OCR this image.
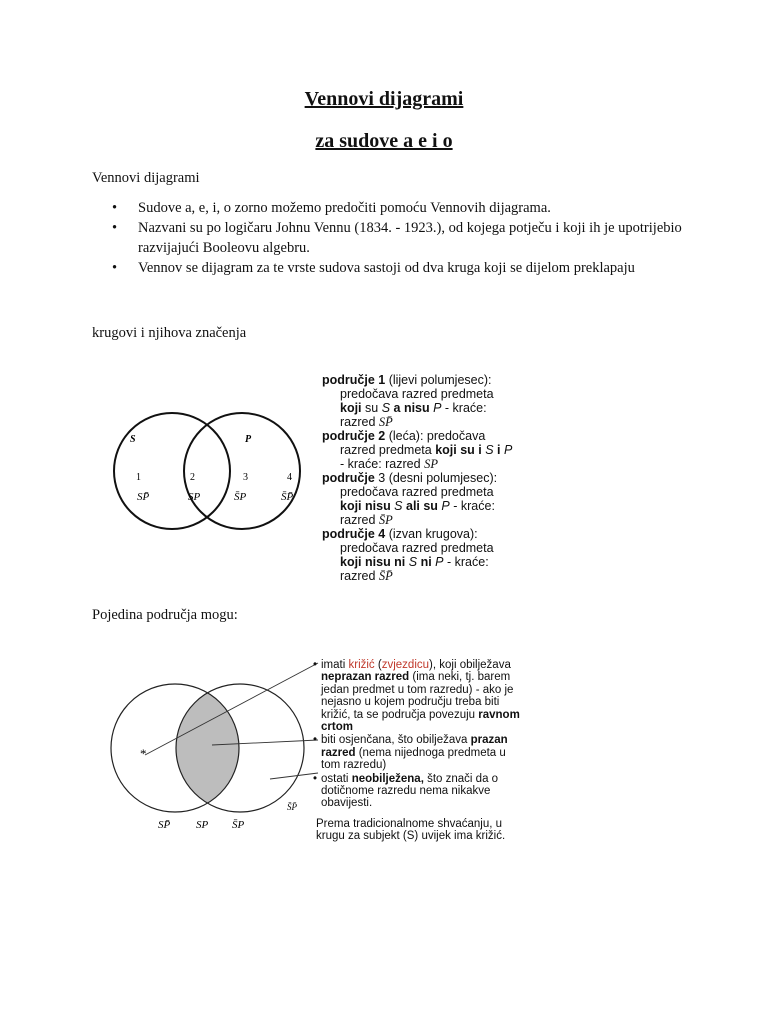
Vennovi dijagrami
za sudove a e i o
Vennovi dijagrami
• Sudove a, e, i, o zorno možemo predočiti pomoću Vennovih dijagrama.
• Nazvani su po logičaru Johnu Vennu (1834. - 1923.), od kojega potječu i koji ih je upotrijebio razvijajući Booleovu algebru.
• Vennov se dijagram za te vrste sudova sastoji od dva kruga koji se dijelom preklapaju
krugovi i njihova značenja
S	P
1	2	3	4
SP̄	SP	S̄P	S̄P̄
područje 1 (lijevi polumjesec):
predočava razred predmeta
koji su S a nisu P - kraće:
razred SP̄
područje 2 (leća): predočava
razred predmeta koji su i S i P
- kraće: razred SP
područje 3 (desni polumjesec):
predočava razred predmeta
koji nisu S ali su P - kraće:
razred S̄P
područje 4 (izvan krugova):
predočava razred predmeta
koji nisu ni S ni P - kraće:
razred S̄P̄
Pojedina područja mogu:
*
SP̄ SP S̄P
S̄P̄
• imati križić (zvjezdicu), koji obilježava neprazan razred (ima neki, tj. barem jedan predmet u tom razredu) - ako je nejasno u kojem području treba biti križić, ta se područja povezuju ravnom crtom
• biti osjenčana, što obilježava prazan razred (nema nijednoga predmeta u tom razredu)
• ostati neobilježena, što znači da o dotičnome razredu nema nikakve obavijesti.
Prema tradicionalnome shvaćanju, u krugu za subjekt (S) uvijek ima križić.
